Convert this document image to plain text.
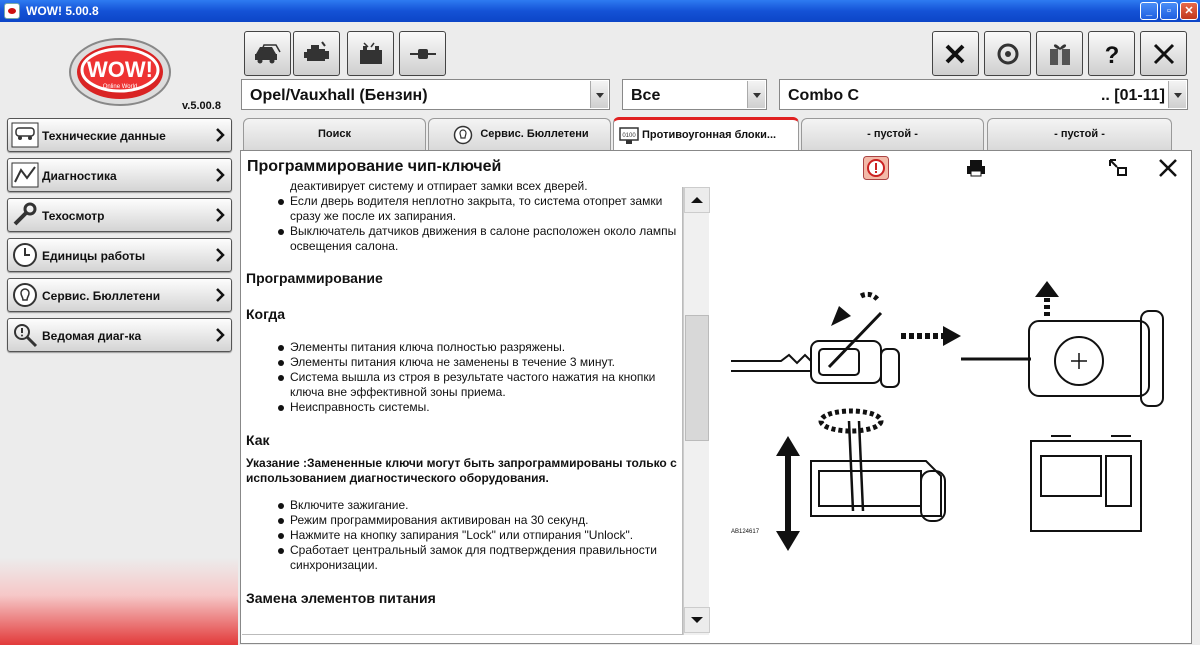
WOW! 5.00.8	_	▫	✕
WOW!
Online World
v.5.00.8
Технические данные
Диагностика
Техосмотр
Единицы работы
Сервис. Бюллетени
Ведомая диаг-ка
?
Opel/Vauxhall (Бензин)	Все	Combo C	.. [01-11]
Поиск	Сервис. Бюллетени	0100 Противоугонная блоки...	- пустой -	- пустой -
Программирование чип-ключей
деактивирует систему и отпирает замки всех дверей.
Если дверь водителя неплотно закрыта, то система отопрет замки сразу же после их запирания.
Выключатель датчиков движения в салоне расположен около лампы освещения салона.
Программирование
Когда
Элементы питания ключа полностью разряжены.
Элементы питания ключа не заменены в течение 3 минут.
Система вышла из строя в результате частого нажатия на кнопки ключа вне эффективной зоны приема.
Неисправность системы.
Как
Указание :Замененные ключи могут быть запрограммированы только с использованием диагностического оборудования.
Включите зажигание.
Режим программирования активирован на 30 секунд.
Нажмите на кнопку запирания "Lock" или отпирания "Unlock".
Сработает центральный замок для подтверждения правильности синхронизации.
Замена элементов питания
AB124617
